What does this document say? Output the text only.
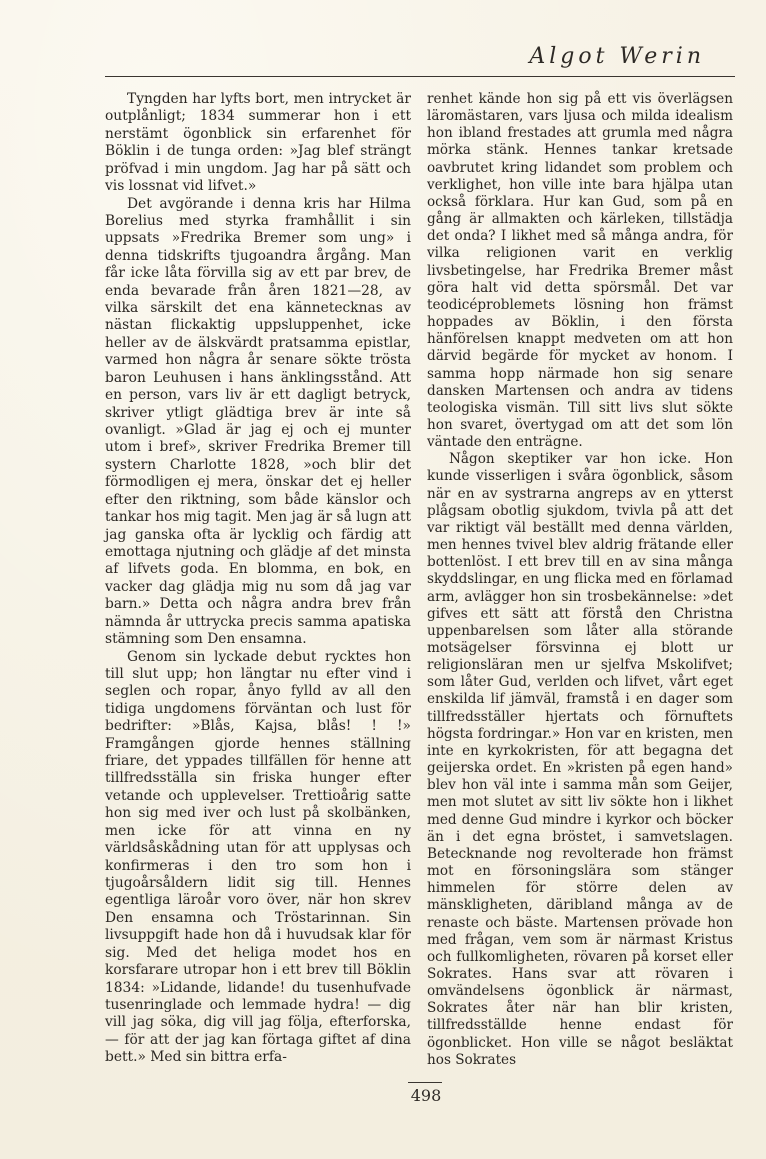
Algot Werin

Tyngden har lyfts bort, men intrycket är outplånligt; 1834 summerar hon i ett nerstämt ögonblick sin erfarenhet för Böklin i de tunga orden: »Jag blef strängt pröfvad i min ungdom. Jag har på sätt och vis lossnat vid lifvet.»

Det avgörande i denna kris har Hilma Borelius med styrka framhållit i sin uppsats »Fredrika Bremer som ung» i denna tidskrifts tjugoandra årgång. Man får icke låta förvilla sig av ett par brev, de enda bevarade från åren 1821—28, av vilka särskilt det ena kännetecknas av nästan flickaktig uppsluppenhet, icke heller av de älskvärdt pratsamma epistlar, varmed hon några år senare sökte trösta baron Leuhusen i hans änklingsstånd. Att en person, vars liv är ett dagligt betryck, skriver ytligt glädtiga brev är inte så ovanligt. »Glad är jag ej och ej munter utom i bref», skriver Fredrika Bremer till systern Charlotte 1828, »och blir det förmodligen ej mera, önskar det ej heller efter den riktning, som både känslor och tankar hos mig tagit. Men jag är så lugn att jag ganska ofta är lycklig och färdig att emottaga njutning och glädje af det minsta af lifvets goda. En blomma, en bok, en vacker dag glädja mig nu som då jag var barn.» Detta och några andra brev från nämnda år uttrycka precis samma apatiska stämning som Den ensamna.

Genom sin lyckade debut rycktes hon till slut upp; hon längtar nu efter vind i seglen och ropar, ånyo fylld av all den tidiga ungdomens förväntan och lust för bedrifter: »Blås, Kajsa, blås! ! !» Framgången gjorde hennes ställning friare, det yppades tillfällen för henne att tillfredsställa sin friska hunger efter vetande och upplevelser. Trettioårig satte hon sig med iver och lust på skolbänken, men icke för att vinna en ny världsåskådning utan för att upplysas och konfirmeras i den tro som hon i tjugoårsåldern lidit sig till. Hennes egentliga läroår voro över, när hon skrev Den ensamna och Tröstarinnan. Sin livsuppgift hade hon då i huvudsak klar för sig. Med det heliga modet hos en korsfarare utropar hon i ett brev till Böklin 1834: »Lidande, lidande! du tusenhufvade tusenringlade och lemmade hydra! — dig vill jag söka, dig vill jag följa, efterforska, — för att der jag kan förtaga giftet af dina bett.» Med sin bittra erfa-

renhet kände hon sig på ett vis överlägsen läromästaren, vars ljusa och milda idealism hon ibland frestades att grumla med några mörka stänk. Hennes tankar kretsade oavbrutet kring lidandet som problem och verklighet, hon ville inte bara hjälpa utan också förklara. Hur kan Gud, som på en gång är allmakten och kärleken, tillstädja det onda? I likhet med så många andra, för vilka religionen varit en verklig livsbetingelse, har Fredrika Bremer måst göra halt vid detta spörsmål. Det var teodicéproblemets lösning hon främst hoppades av Böklin, i den första hänförelsen knappt medveten om att hon därvid begärde för mycket av honom. I samma hopp närmade hon sig senare dansken Martensen och andra av tidens teologiska vismän. Till sitt livs slut sökte hon svaret, övertygad om att det som lön väntade den enträgne.

Någon skeptiker var hon icke. Hon kunde visserligen i svåra ögonblick, såsom när en av systrarna angreps av en ytterst plågsam obotlig sjukdom, tvivla på att det var riktigt väl beställt med denna världen, men hennes tvivel blev aldrig frätande eller bottenlöst. I ett brev till en av sina många skyddslingar, en ung flicka med en förlamad arm, avlägger hon sin trosbekännelse: »det gifves ett sätt att förstå den Christna uppenbarelsen som låter alla störande motsägelser försvinna ej blott ur religionsläran men ur sjelfva Mskolifvet; som låter Gud, verlden och lifvet, vårt eget enskilda lif jämväl, framstå i en dager som tillfredsställer hjertats och förnuftets högsta fordringar.» Hon var en kristen, men inte en kyrkokristen, för att begagna det geijerska ordet. En »kristen på egen hand» blev hon väl inte i samma mån som Geijer, men mot slutet av sitt liv sökte hon i likhet med denne Gud mindre i kyrkor och böcker än i det egna bröstet, i samvetslagen. Betecknande nog revolterade hon främst mot en försoningslära som stänger himmelen för större delen av mänskligheten, däribland många av de renaste och bäste. Martensen prövade hon med frågan, vem som är närmast Kristus och fullkomligheten, rövaren på korset eller Sokrates. Hans svar att rövaren i omvändelsens ögonblick är närmast, Sokrates åter när han blir kristen, tillfredsställde henne endast för ögonblicket. Hon ville se något besläktat hos Sokrates

498
